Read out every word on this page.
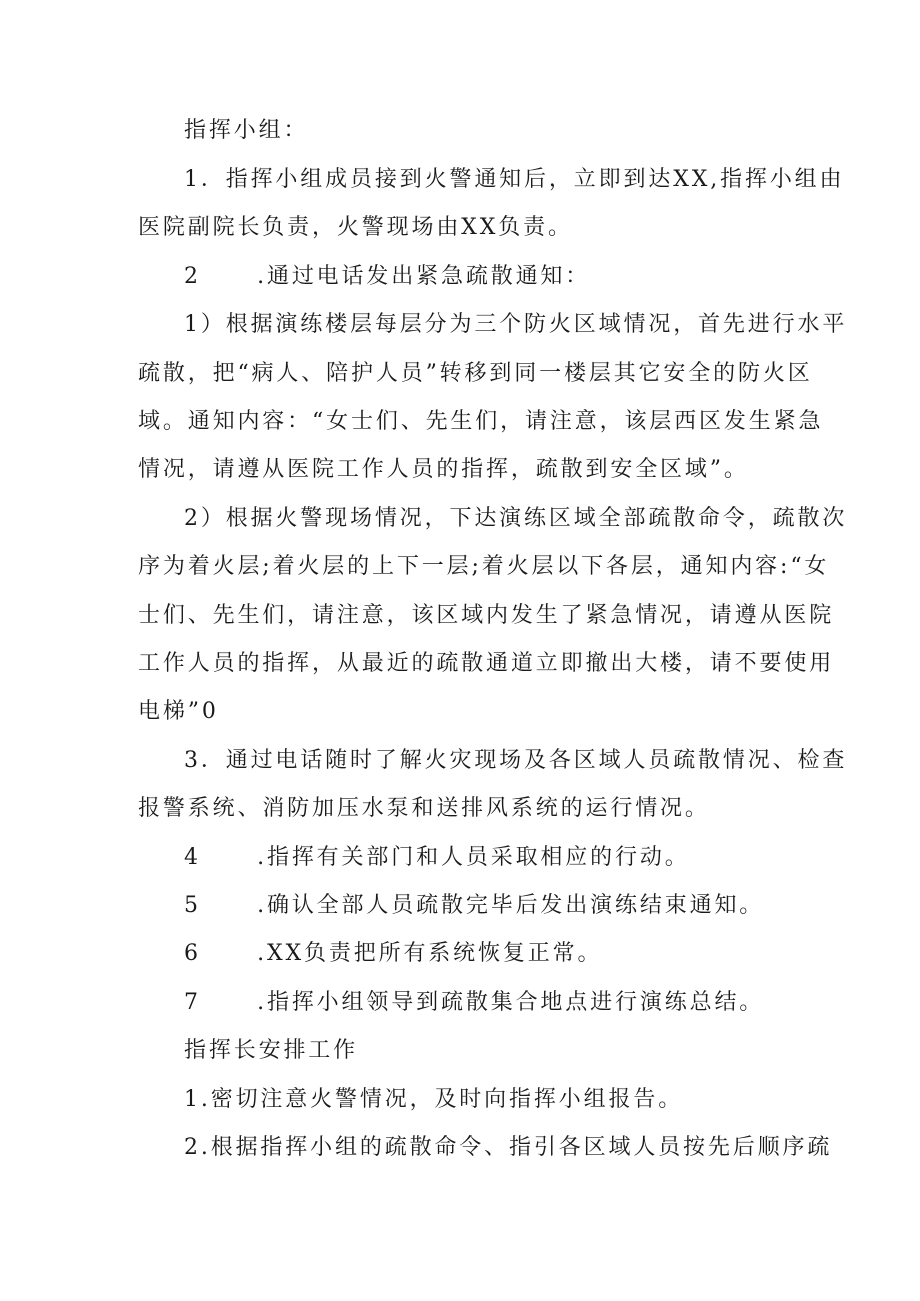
指挥小组：
1．指挥小组成员接到火警通知后，立即到达XX,指挥小组由
医院副院长负责，火警现场由XX负责。
2	.通过电话发出紧急疏散通知：
1）根据演练楼层每层分为三个防火区域情况，首先进行水平
疏散，把“病人、陪护人员”转移到同一楼层其它安全的防火区
域。通知内容：“女士们、先生们，请注意，该层西区发生紧急
情况，请遵从医院工作人员的指挥，疏散到安全区域”。
2）根据火警现场情况，下达演练区域全部疏散命令，疏散次
序为着火层;着火层的上下一层;着火层以下各层，通知内容:“女
士们、先生们，请注意，该区域内发生了紧急情况，请遵从医院
工作人员的指挥，从最近的疏散通道立即撤出大楼，请不要使用
电梯”0
3．通过电话随时了解火灾现场及各区域人员疏散情况、检查
报警系统、消防加压水泵和送排风系统的运行情况。
4	.指挥有关部门和人员采取相应的行动。
5	.确认全部人员疏散完毕后发出演练结束通知。
6	.XX负责把所有系统恢复正常。
7	.指挥小组领导到疏散集合地点进行演练总结。
指挥长安排工作
1.密切注意火警情况，及时向指挥小组报告。
2.根据指挥小组的疏散命令、指引各区域人员按先后顺序疏
